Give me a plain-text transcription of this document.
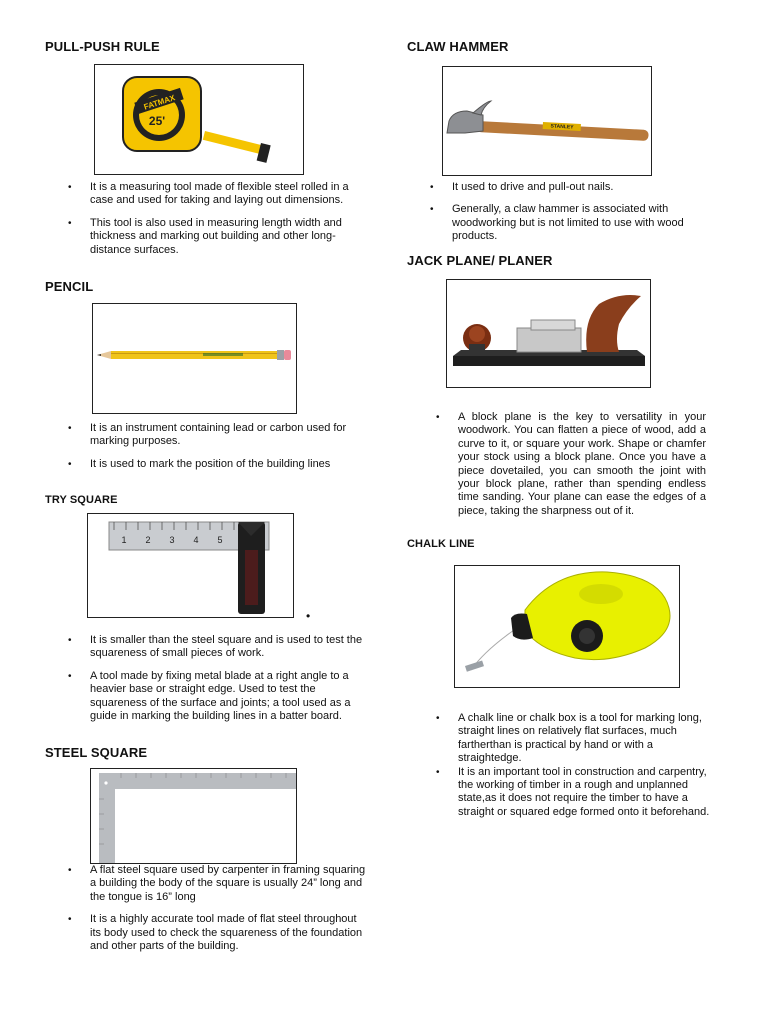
PULL-PUSH RULE
FATMAX
25'
• It is a measuring tool made of flexible steel rolled in a case and used for taking and laying out dimensions.
• This tool is also used in measuring length width and thickness and marking out building and other long-distance surfaces.
PENCIL
• It is an instrument containing lead or carbon used for marking purposes.
• It is used to mark the position of the building lines
TRY SQUARE
1 2 3 4 5
•
• It is smaller than the steel square and is used to test the squareness of small pieces of work.
• A tool made by fixing metal blade at a right angle to a heavier base or straight edge. Used to test the squareness of the surface and joints; a tool used as a guide in marking the building lines in a batter board.
STEEL SQUARE
• A flat steel square used by carpenter in framing squaring a building the body of the square is usually 24” long and the tongue is 16” long
• It is a highly accurate tool made of flat steel throughout its body used to check the squareness of the foundation and other parts of the building.
CLAW HAMMER
STANLEY
• It used to drive and pull-out nails.
• Generally, a claw hammer is associated with woodworking but is not limited to use with wood products.
JACK PLANE/ PLANER
• A block plane is the key to versatility in your woodwork. You can flatten a piece of wood, add a curve to it, or square your work. Shape or chamfer your stock using a block plane. Once you have a piece dovetailed, you can smooth the joint with your block plane, rather than spending endless time sanding. Your plane can ease the edges of a piece, taking the sharpness out of it.
CHALK LINE
• A chalk line or chalk box is a tool for marking long, straight lines on relatively flat surfaces, much fartherthan is practical by hand or with a straightedge.
• It is an important tool in construction and carpentry, the working of timber in a rough and unplanned state,as it does not require the timber to have a straight or squared edge formed onto it beforehand.
